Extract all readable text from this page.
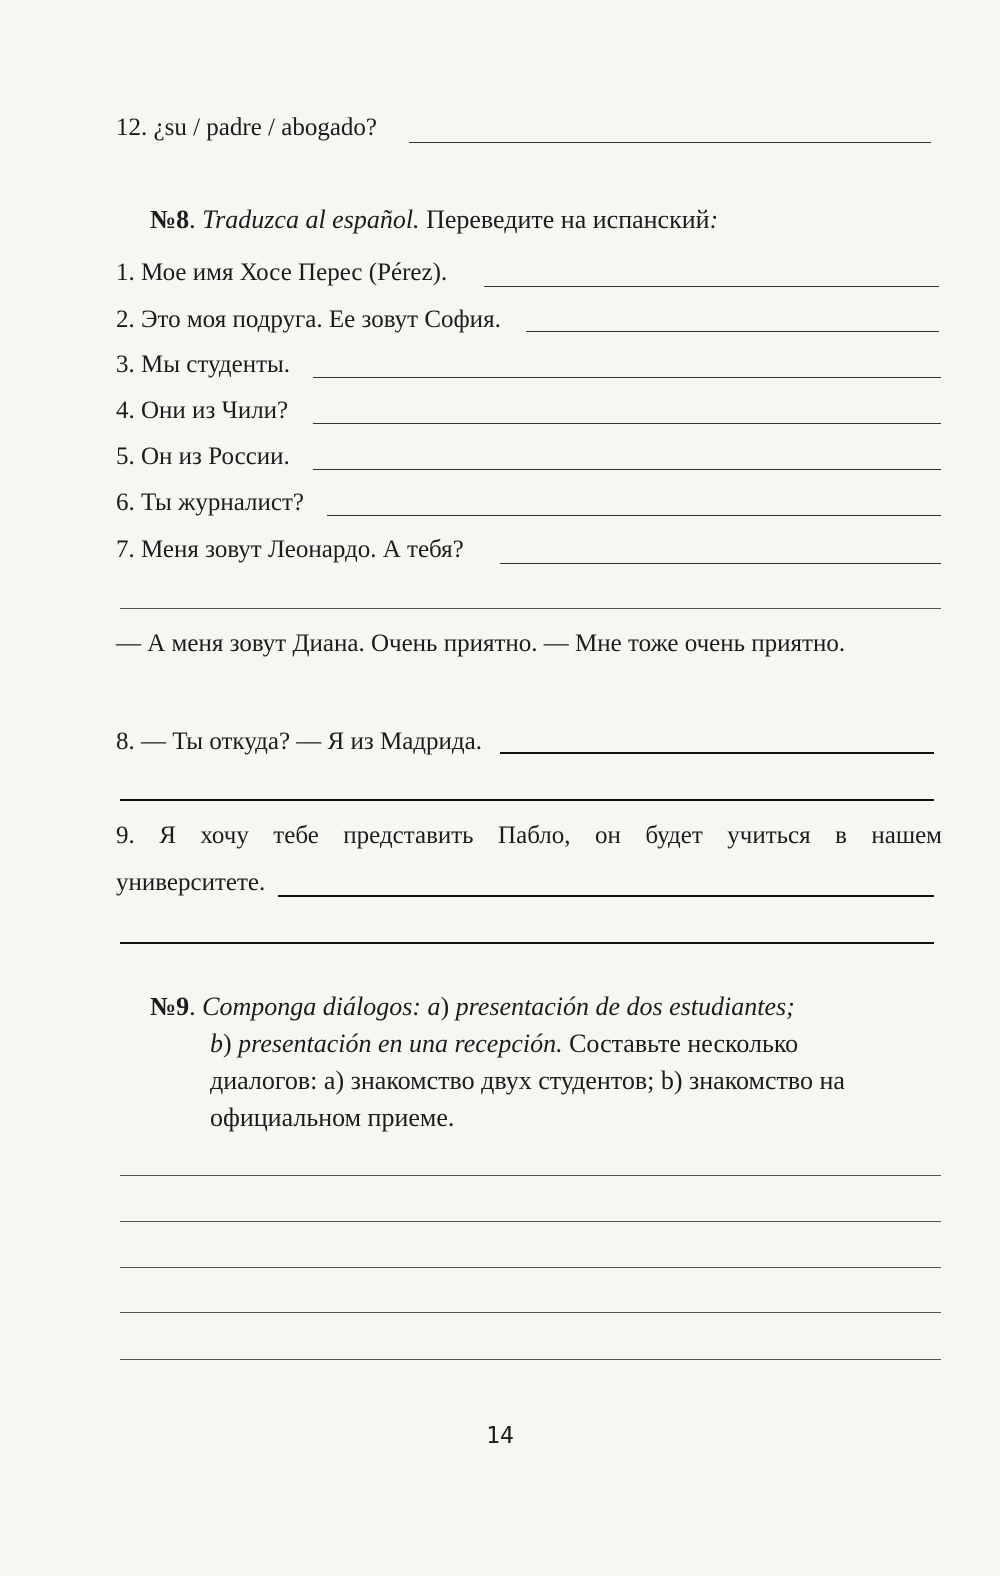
12. ¿su / padre / abogado?
№8. Traduzca al español. Переведите на испанский:
1. Мое имя Хосе Перес (Pérez).
2. Это моя подруга. Ее зовут София.
3. Мы студенты.
4. Они из Чили?
5. Он из России.
6. Ты журналист?
7. Меня зовут Леонардо. А тебя?
— А меня зовут Диана. Очень приятно. — Мне тоже очень приятно.
8. — Ты откуда? — Я из Мадрида.
9. Я хочу тебе представить Пабло, он будет учиться в нашем
университете.
№9. Componga diálogos: a) presentación de dos estudiantes;
b) presentación en una recepción. Составьте несколько
диалогов: a) знакомство двух студентов; b) знакомство на
официальном приеме.
14
